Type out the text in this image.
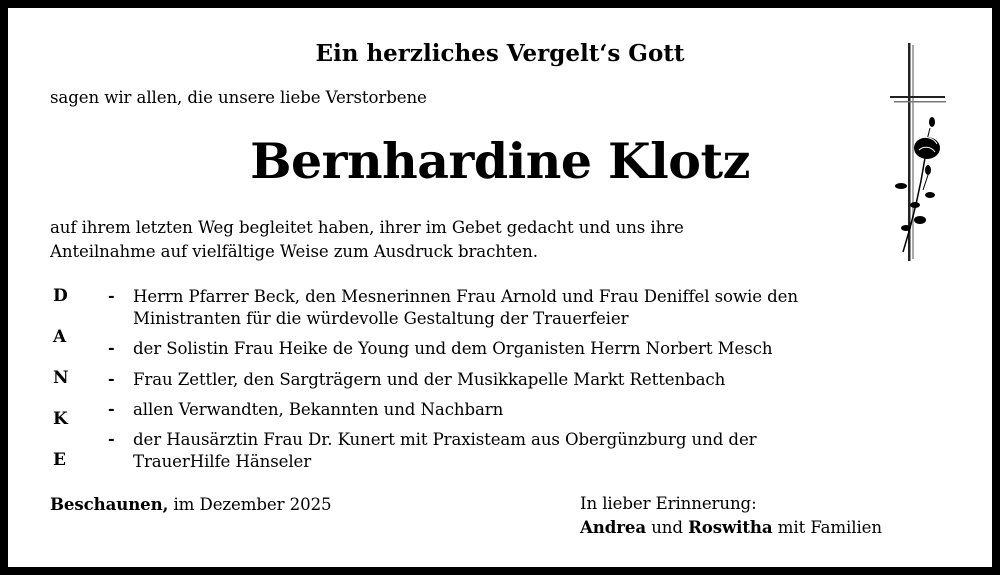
Ein herzliches Vergelt‘s Gott
sagen wir allen, die unsere liebe Verstorbene
Bernhardine Klotz
auf ihrem letzten Weg begleitet haben, ihrer im Gebet gedacht und uns ihre
Anteilnahme auf vielfältige Weise zum Ausdruck brachten.
D
A
N
K
E
- Herrn Pfarrer Beck, den Mesnerinnen Frau Arnold und Frau Deniffel sowie den
Ministranten für die würdevolle Gestaltung der Trauerfeier
- der Solistin Frau Heike de Young und dem Organisten Herrn Norbert Mesch
- Frau Zettler, den Sargträgern und der Musikkapelle Markt Rettenbach
- allen Verwandten, Bekannten und Nachbarn
- der Hausärztin Frau Dr. Kunert mit Praxisteam aus Obergünzburg und der
TrauerHilfe Hänseler
Beschaunen, im Dezember 2025	In lieber Erinnerung:
Andrea und Roswitha mit Familien
